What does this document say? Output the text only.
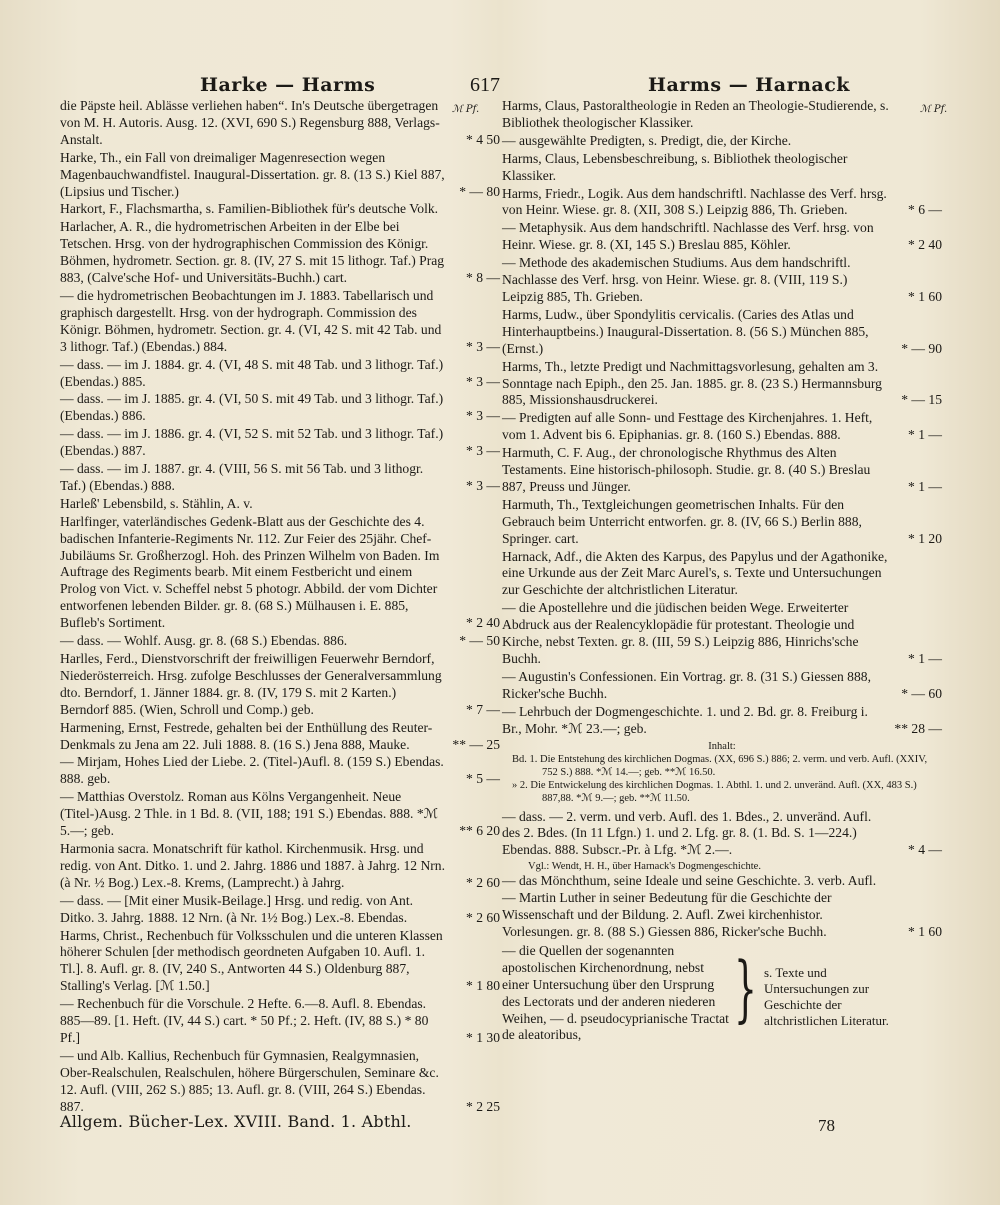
Harke — Harms	617	Harms — Harnack
ℳ Pf.	ℳ Pf.
die Päpste heil. Ablässe verliehen haben“. In's Deutsche übergetragen von M. H. Autoris. Ausg. 12. (XVI, 690 S.) Regensburg 888, Verlags-Anstalt.	* 4 50
Harke, Th., ein Fall von dreimaliger Magenresection wegen Magenbauchwandfistel. Inaugural-Dissertation. gr. 8. (13 S.) Kiel 887, (Lipsius und Tischer.)	* — 80
Harkort, F., Flachsmartha, s. Familien-Bibliothek für's deutsche Volk.
Harlacher, A. R., die hydrometrischen Arbeiten in der Elbe bei Tetschen. Hrsg. von der hydrographischen Commission des Königr. Böhmen, hydrometr. Section. gr. 8. (IV, 27 S. mit 15 lithogr. Taf.) Prag 883, (Calve'sche Hof- und Universitäts-Buchh.) cart.	* 8 —
— die hydrometrischen Beobachtungen im J. 1883. Tabellarisch und graphisch dargestellt. Hrsg. von der hydrograph. Commission des Königr. Böhmen, hydrometr. Section. gr. 4. (VI, 42 S. mit 42 Tab. und 3 lithogr. Taf.) (Ebendas.) 884.	* 3 —
— dass. — im J. 1884. gr. 4. (VI, 48 S. mit 48 Tab. und 3 lithogr. Taf.) (Ebendas.) 885.	* 3 —
— dass. — im J. 1885. gr. 4. (VI, 50 S. mit 49 Tab. und 3 lithogr. Taf.) (Ebendas.) 886.	* 3 —
— dass. — im J. 1886. gr. 4. (VI, 52 S. mit 52 Tab. und 3 lithogr. Taf.) (Ebendas.) 887.	* 3 —
— dass. — im J. 1887. gr. 4. (VIII, 56 S. mit 56 Tab. und 3 lithogr. Taf.) (Ebendas.) 888.	* 3 —
Harleß' Lebensbild, s. Stählin, A. v.
Harlfinger, vaterländisches Gedenk-Blatt aus der Geschichte des 4. badischen Infanterie-Regiments Nr. 112. Zur Feier des 25jähr. Chef-Jubiläums Sr. Großherzogl. Hoh. des Prinzen Wilhelm von Baden. Im Auftrage des Regiments bearb. Mit einem Festbericht und einem Prolog von Vict. v. Scheffel nebst 5 photogr. Abbild. der vom Dichter entworfenen lebenden Bilder. gr. 8. (68 S.) Mülhausen i. E. 885, Bufleb's Sortiment.	* 2 40
— dass. — Wohlf. Ausg. gr. 8. (68 S.) Ebendas. 886.	* — 50
Harlles, Ferd., Dienstvorschrift der freiwilligen Feuerwehr Berndorf, Niederösterreich. Hrsg. zufolge Beschlusses der Generalversammlung dto. Berndorf, 1. Jänner 1884. gr. 8. (IV, 179 S. mit 2 Karten.) Berndorf 885. (Wien, Schroll und Comp.) geb.	* 7 —
Harmening, Ernst, Festrede, gehalten bei der Enthüllung des Reuter-Denkmals zu Jena am 22. Juli 1888. 8. (16 S.) Jena 888, Mauke.	** — 25
— Mirjam, Hohes Lied der Liebe. 2. (Titel-)Aufl. 8. (159 S.) Ebendas. 888. geb.	* 5 —
— Matthias Overstolz. Roman aus Kölns Vergangenheit. Neue (Titel-)Ausg. 2 Thle. in 1 Bd. 8. (VII, 188; 191 S.) Ebendas. 888. *ℳ 5.—; geb.	** 6 20
Harmonia sacra. Monatschrift für kathol. Kirchenmusik. Hrsg. und redig. von Ant. Ditko. 1. und 2. Jahrg. 1886 und 1887. à Jahrg. 12 Nrn. (à Nr. ½ Bog.) Lex.-8. Krems, (Lamprecht.) à Jahrg.	* 2 60
— dass. — [Mit einer Musik-Beilage.] Hrsg. und redig. von Ant. Ditko. 3. Jahrg. 1888. 12 Nrn. (à Nr. 1½ Bog.) Lex.-8. Ebendas.	* 2 60
Harms, Christ., Rechenbuch für Volksschulen und die unteren Klassen höherer Schulen [der methodisch geordneten Aufgaben 10. Aufl. 1. Tl.]. 8. Aufl. gr. 8. (IV, 240 S., Antworten 44 S.) Oldenburg 887, Stalling's Verlag. [ℳ 1.50.]	* 1 80
— Rechenbuch für die Vorschule. 2 Hefte. 6.—8. Aufl. 8. Ebendas. 885—89. [1. Heft. (IV, 44 S.) cart. * 50 Pf.; 2. Heft. (IV, 88 S.) * 80 Pf.]	* 1 30
— und Alb. Kallius, Rechenbuch für Gymnasien, Realgymnasien, Ober-Realschulen, Realschulen, höhere Bürgerschulen, Seminare &c. 12. Aufl. (VIII, 262 S.) 885; 13. Aufl. gr. 8. (VIII, 264 S.) Ebendas. 887.	* 2 25
Harms, Claus, Pastoraltheologie in Reden an Theologie-Studierende, s. Bibliothek theologischer Klassiker.
— ausgewählte Predigten, s. Predigt, die, der Kirche.
Harms, Claus, Lebensbeschreibung, s. Bibliothek theologischer Klassiker.
Harms, Friedr., Logik. Aus dem handschriftl. Nachlasse des Verf. hrsg. von Heinr. Wiese. gr. 8. (XII, 308 S.) Leipzig 886, Th. Grieben.	* 6 —
— Metaphysik. Aus dem handschriftl. Nachlasse des Verf. hrsg. von Heinr. Wiese. gr. 8. (XI, 145 S.) Breslau 885, Köhler.	* 2 40
— Methode des akademischen Studiums. Aus dem handschriftl. Nachlasse des Verf. hrsg. von Heinr. Wiese. gr. 8. (VIII, 119 S.) Leipzig 885, Th. Grieben.	* 1 60
Harms, Ludw., über Spondylitis cervicalis. (Caries des Atlas und Hinterhauptbeins.) Inaugural-Dissertation. 8. (56 S.) München 885, (Ernst.)	* — 90
Harms, Th., letzte Predigt und Nachmittagsvorlesung, gehalten am 3. Sonntage nach Epiph., den 25. Jan. 1885. gr. 8. (23 S.) Hermannsburg 885, Missionshausdruckerei.	* — 15
— Predigten auf alle Sonn- und Festtage des Kirchenjahres. 1. Heft, vom 1. Advent bis 6. Epiphanias. gr. 8. (160 S.) Ebendas. 888.	* 1 —
Harmuth, C. F. Aug., der chronologische Rhythmus des Alten Testaments. Eine historisch-philosoph. Studie. gr. 8. (40 S.) Breslau 887, Preuss und Jünger.	* 1 —
Harmuth, Th., Textgleichungen geometrischen Inhalts. Für den Gebrauch beim Unterricht entworfen. gr. 8. (IV, 66 S.) Berlin 888, Springer. cart.	* 1 20
Harnack, Adf., die Akten des Karpus, des Papylus und der Agathonike, eine Urkunde aus der Zeit Marc Aurel's, s. Texte und Untersuchungen zur Geschichte der altchristlichen Literatur.
— die Apostellehre und die jüdischen beiden Wege. Erweiterter Abdruck aus der Realencyklopädie für protestant. Theologie und Kirche, nebst Texten. gr. 8. (III, 59 S.) Leipzig 886, Hinrichs'sche Buchh.	* 1 —
— Augustin's Confessionen. Ein Vortrag. gr. 8. (31 S.) Giessen 888, Ricker'sche Buchh.	* — 60
— Lehrbuch der Dogmengeschichte. 1. und 2. Bd. gr. 8. Freiburg i. Br., Mohr. *ℳ 23.—; geb.	** 28 —
Inhalt:
Bd. 1. Die Entstehung des kirchlichen Dogmas. (XX, 696 S.) 886; 2. verm. und verb. Aufl. (XXIV, 752 S.) 888. *ℳ 14.—; geb. **ℳ 16.50.
» 2. Die Entwickelung des kirchlichen Dogmas. 1. Abthl. 1. und 2. unveränd. Aufl. (XX, 483 S.) 887,88. *ℳ 9.—; geb. **ℳ 11.50.
— dass. — 2. verm. und verb. Aufl. des 1. Bdes., 2. unveränd. Aufl. des 2. Bdes. (In 11 Lfgn.) 1. und 2. Lfg. gr. 8. (1. Bd. S. 1—224.) Ebendas. 888. Subscr.-Pr. à Lfg. *ℳ 2.—.	* 4 —
Vgl.: Wendt, H. H., über Harnack's Dogmengeschichte.
— das Mönchthum, seine Ideale und seine Geschichte. 3. verb. Aufl. — Martin Luther in seiner Bedeutung für die Geschichte der Wissenschaft und der Bildung. 2. Aufl. Zwei kirchenhistor. Vorlesungen. gr. 8. (88 S.) Giessen 886, Ricker'sche Buchh.	* 1 60
— die Quellen der sogenannten apostolischen Kirchenordnung, nebst einer Untersuchung über den Ursprung des Lectorats und der anderen niederen Weihen, — d. pseudocyprianische Tractat de aleatoribus,
} s. Texte und Untersuchungen zur Geschichte der altchristlichen Literatur.
Allgem. Bücher-Lex. XVIII. Band. 1. Abthl.	78
